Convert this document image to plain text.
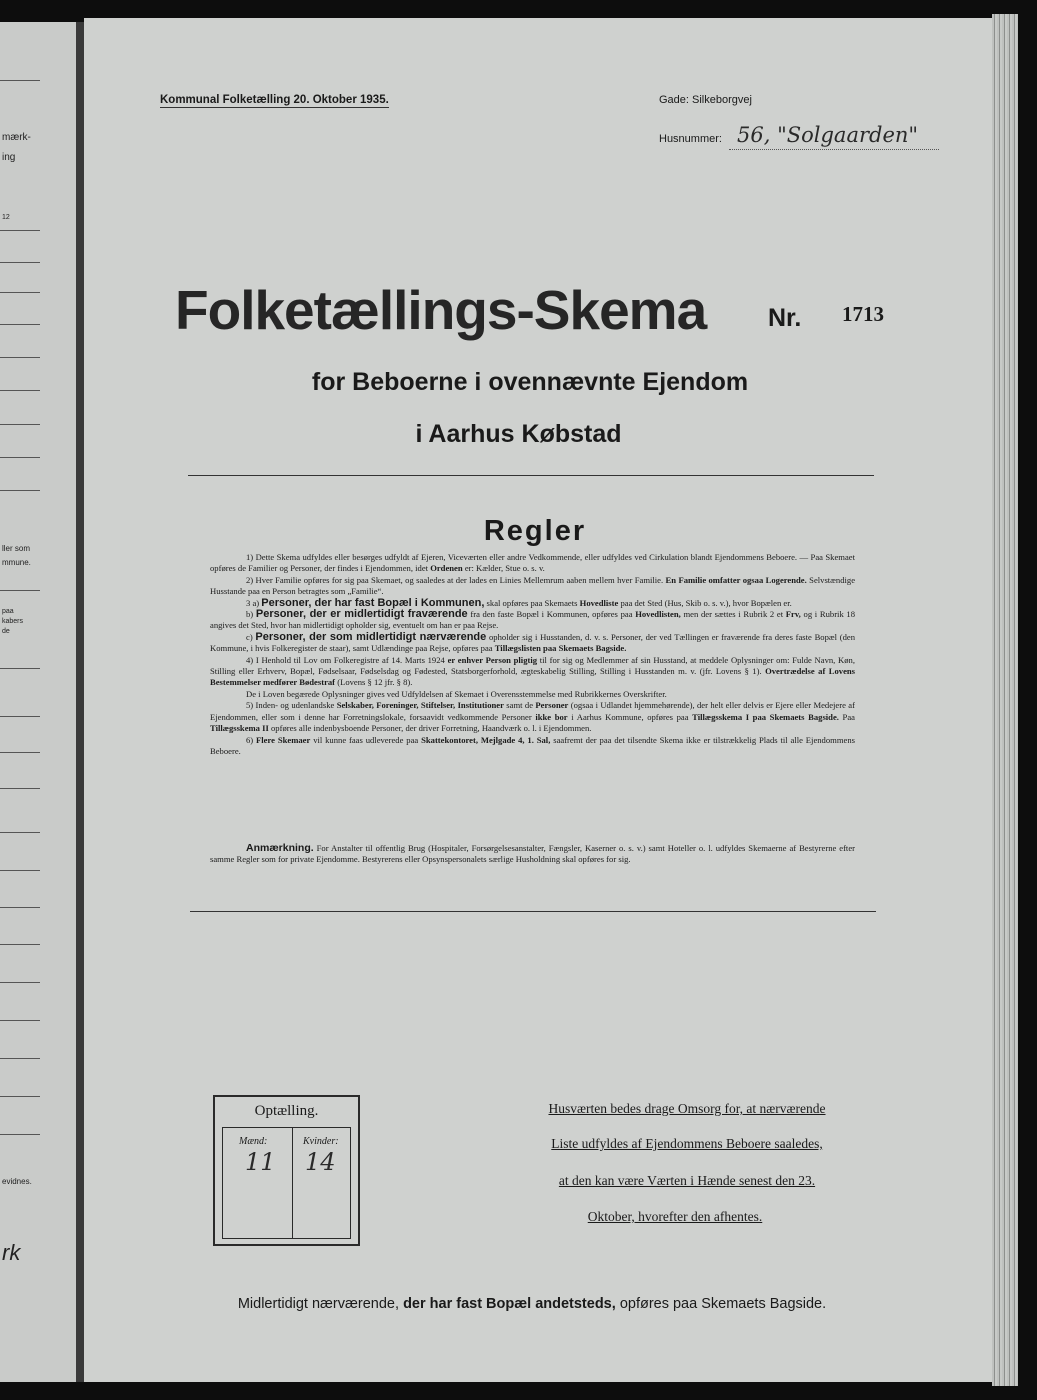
mærk-
ing
12
ller som
mmune.
paa
kabers
de
evidnes.
rk
Kommunal Folketælling 20. Oktober 1935.	Gade: Silkeborgvej
Husnummer: 56, "Solgaarden"
Folketællings-Skema Nr. 1713
for Beboerne i ovennævnte Ejendom
i Aarhus Købstad
Regler

1) Dette Skema udfyldes eller besørges udfyldt af Ejeren, Viceværten eller andre Vedkommende, eller udfyldes ved Cirkulation blandt Ejendommens Beboere. — Paa Skemaet opføres de Familier og Personer, der findes i Ejendommen, idet Ordenen er: Kælder, Stue o. s. v.

2) Hver Familie opføres for sig paa Skemaet, og saaledes at der lades en Linies Mellemrum aaben mellem hver Familie. En Familie omfatter ogsaa Logerende. Selvstændige Husstande paa en Person betragtes som „Familie“.

3 a) Personer, der har fast Bopæl i Kommunen, skal opføres paa Skemaets Hovedliste paa det Sted (Hus, Skib o. s. v.), hvor Bopælen er.

b) Personer, der er midlertidigt fraværende fra den faste Bopæl i Kommunen, opføres paa Hovedlisten, men der sættes i Rubrik 2 et Frv, og i Rubrik 18 angives det Sted, hvor han midlertidigt opholder sig, eventuelt om han er paa Rejse.

c) Personer, der som midlertidigt nærværende opholder sig i Husstanden, d. v. s. Personer, der ved Tællingen er fraværende fra deres faste Bopæl (den Kommune, i hvis Folkeregister de staar), samt Udlændinge paa Rejse, opføres paa Tillægslisten paa Skemaets Bagside.

4) I Henhold til Lov om Folkeregistre af 14. Marts 1924 er enhver Person pligtig til for sig og Medlemmer af sin Husstand, at meddele Oplysninger om: Fulde Navn, Køn, Stilling eller Erhverv, Bopæl, Fødselsaar, Fødselsdag og Fødested, Statsborgerforhold, ægteskabelig Stilling, Stilling i Husstanden m. v. (jfr. Lovens § 1). Overtrædelse af Lovens Bestemmelser medfører Bødestraf (Lovens § 12 jfr. § 8).

De i Loven begærede Oplysninger gives ved Udfyldelsen af Skemaet i Overensstemmelse med Rubrikkernes Overskrifter.

5) Inden- og udenlandske Selskaber, Foreninger, Stiftelser, Institutioner samt de Personer (ogsaa i Udlandet hjemmehørende), der helt eller delvis er Ejere eller Medejere af Ejendommen, eller som i denne har Forretningslokale, forsaavidt vedkommende Personer ikke bor i Aarhus Kommune, opføres paa Tillægsskema I paa Skemaets Bagside. Paa Tillægsskema II opføres alle indenbysboende Personer, der driver Forretning, Haandværk o. l. i Ejendommen.

6) Flere Skemaer vil kunne faas udleverede paa Skattekontoret, Mejlgade 4, 1. Sal, saafremt der paa det tilsendte Skema ikke er tilstrækkelig Plads til alle Ejendommens Beboere.

Anmærkning. For Anstalter til offentlig Brug (Hospitaler, Forsørgelsesanstalter, Fængsler, Kaserner o. s. v.) samt Hoteller o. l. udfyldes Skemaerne af Bestyrerne efter samme Regler som for private Ejendomme. Bestyrerens eller Opsynspersonalets særlige Husholdning skal opføres for sig.

Optælling.
Mænd:	Kvinder:
11 14
Husværten bedes drage Omsorg for, at nærværende
Liste udfyldes af Ejendommens Beboere saaledes,
at den kan være Værten i Hænde senest den 23.
Oktober, hvorefter den afhentes.
Midlertidigt nærværende, der har fast Bopæl andetsteds, opføres paa Skemaets Bagside.
